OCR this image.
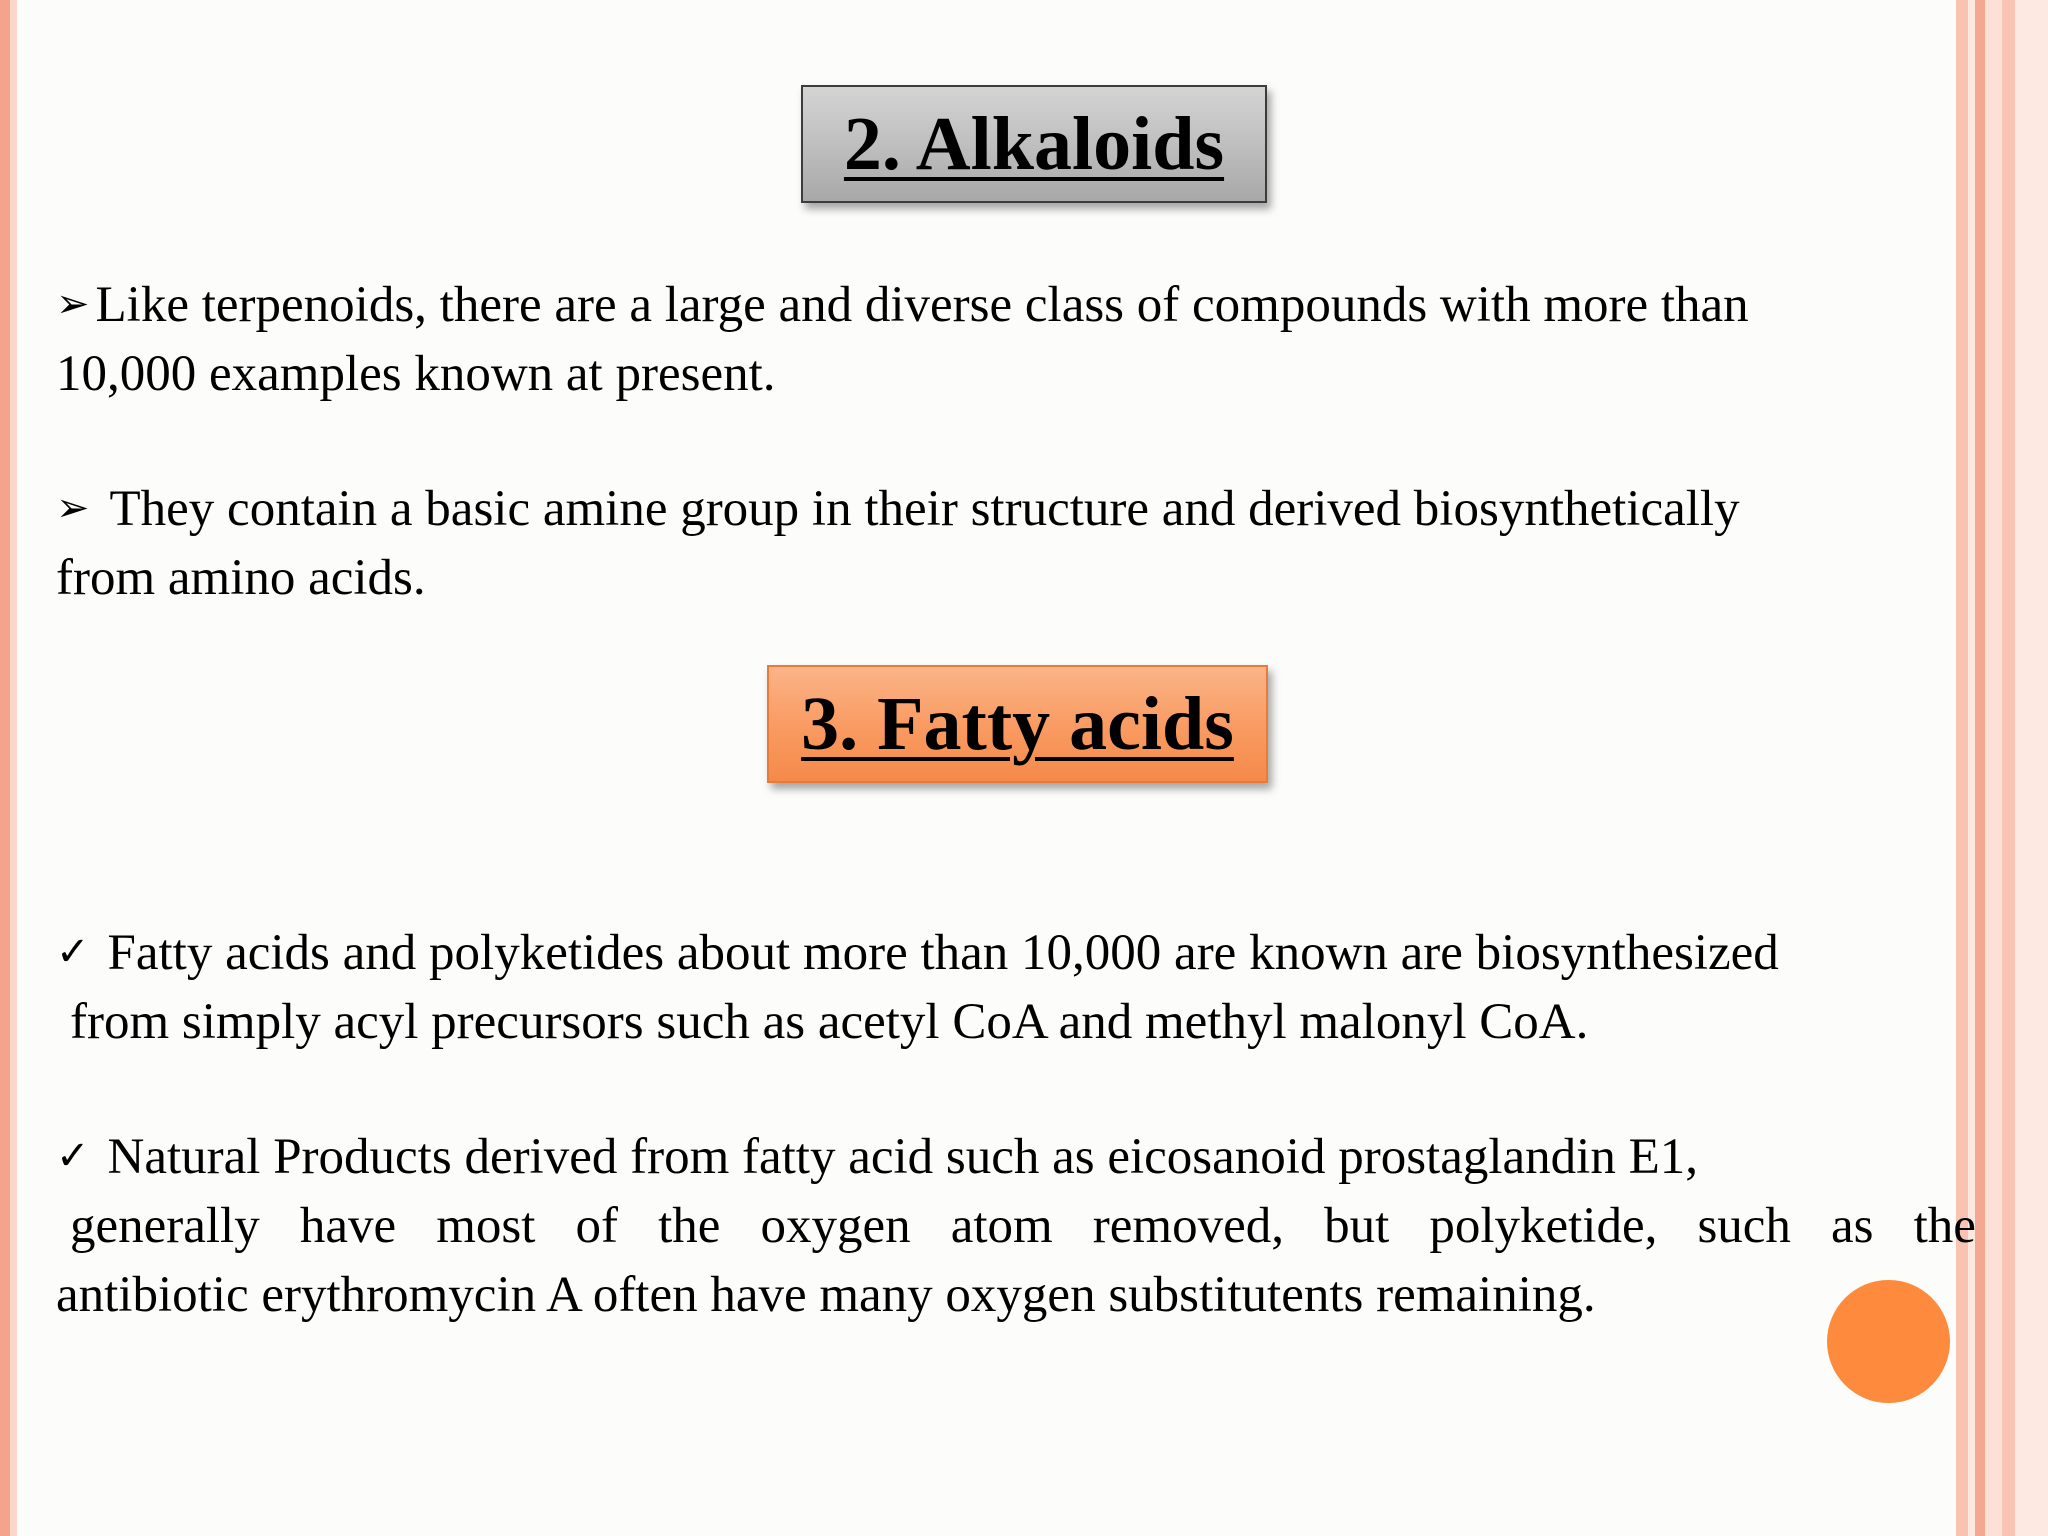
2. Alkaloids
➢ Like terpenoids, there are a large and diverse class of compounds with more than
10,000 examples known at present.
➢ They contain a basic amine group in their structure and derived biosynthetically
from amino acids.
3. Fatty acids
✓ Fatty acids and polyketides about more than 10,000 are known are biosynthesized
from simply acyl precursors such as acetyl CoA and methyl malonyl CoA.
✓ Natural Products derived from fatty acid such as eicosanoid prostaglandin E1,
generally have most of the oxygen atom removed, but polyketide, such as the
antibiotic erythromycin A often have many oxygen substitutents remaining.
